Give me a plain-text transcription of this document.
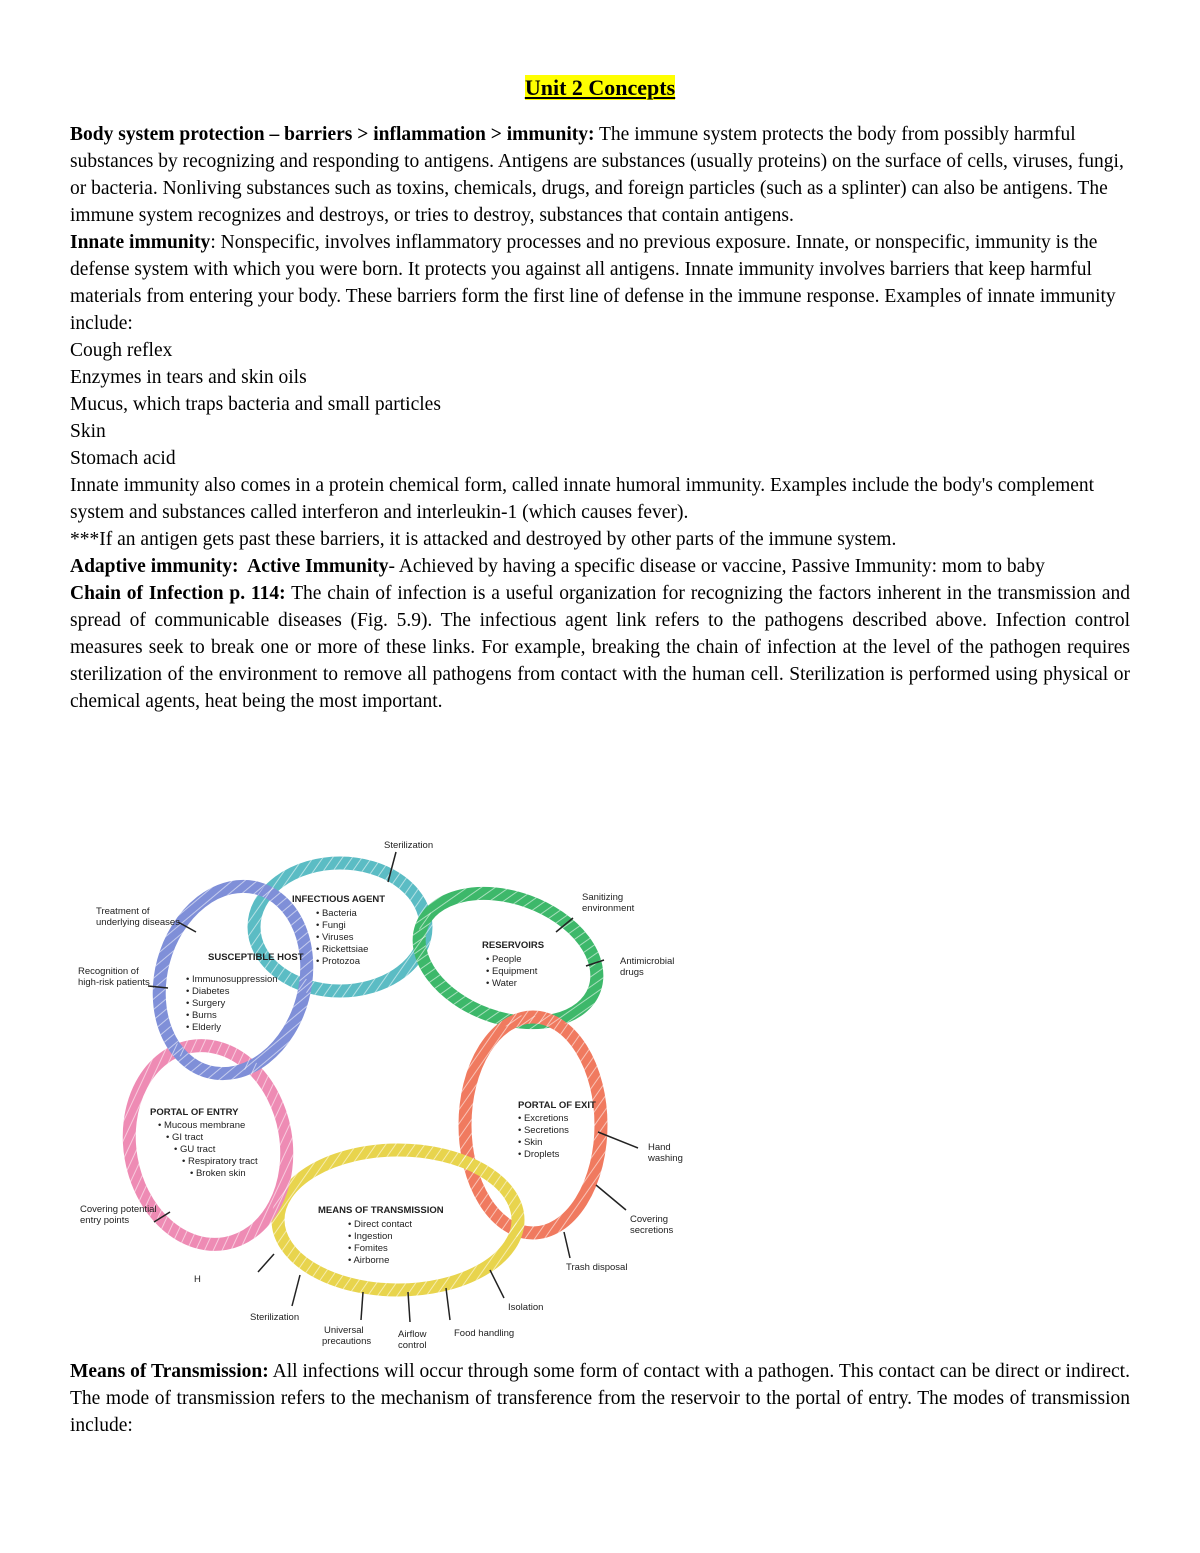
Unit 2 Concepts

Body system protection – barriers > inflammation > immunity: The immune system protects the body from possibly harmful substances by recognizing and responding to antigens. Antigens are substances (usually proteins) on the surface of cells, viruses, fungi, or bacteria. Nonliving substances such as toxins, chemicals, drugs, and foreign particles (such as a splinter) can also be antigens. The immune system recognizes and destroys, or tries to destroy, substances that contain antigens.

Innate immunity: Nonspecific, involves inflammatory processes and no previous exposure. Innate, or nonspecific, immunity is the defense system with which you were born. It protects you against all antigens. Innate immunity involves barriers that keep harmful materials from entering your body. These barriers form the first line of defense in the immune response. Examples of innate immunity include:

Cough reflex

Enzymes in tears and skin oils

Mucus, which traps bacteria and small particles

Skin

Stomach acid

Innate immunity also comes in a protein chemical form, called innate humoral immunity. Examples include the body's complement system and substances called interferon and interleukin-1 (which causes fever).

***If an antigen gets past these barriers, it is attacked and destroyed by other parts of the immune system.

Adaptive immunity:  Active Immunity- Achieved by having a specific disease or vaccine, Passive Immunity: mom to baby

Chain of Infection p. 114: The chain of infection is a useful organization for recognizing the factors inherent in the transmission and spread of communicable diseases (Fig. 5.9). The infectious agent link refers to the pathogens described above. Infection control measures seek to break one or more of these links. For example, breaking the chain of infection at the level of the pathogen requires sterilization of the environment to remove all pathogens from contact with the human cell. Sterilization is performed using physical or chemical agents, heat being the most important.

INFECTIOUS AGENT
• Bacteria
• Fungi
• Viruses
• Rickettsiae
• Protozoa
RESERVOIRS
• People
• Equipment
• Water
PORTAL OF EXIT
• Excretions
• Secretions
• Skin
• Droplets
MEANS OF TRANSMISSION
• Direct contact
• Ingestion
• Fomites
• Airborne
PORTAL OF ENTRY
• Mucous membrane
• GI tract
• GU tract
• Respiratory tract
• Broken skin
SUSCEPTIBLE HOST
• Immunosuppression
• Diabetes
• Surgery
• Burns
• Elderly
Sterilization
Sanitizing environment
Antimicrobial drugs
Hand washing
Covering secretions
Trash disposal
Isolation
Food handling
Airflow control
Universal precautions
Sterilization
H
Covering potential entry points
Recognition of high-risk patients
Treatment of underlying diseases

Means of Transmission: All infections will occur through some form of contact with a pathogen. This contact can be direct or indirect. The mode of transmission refers to the mechanism of transference from the reservoir to the portal of entry. The modes of transmission include:
